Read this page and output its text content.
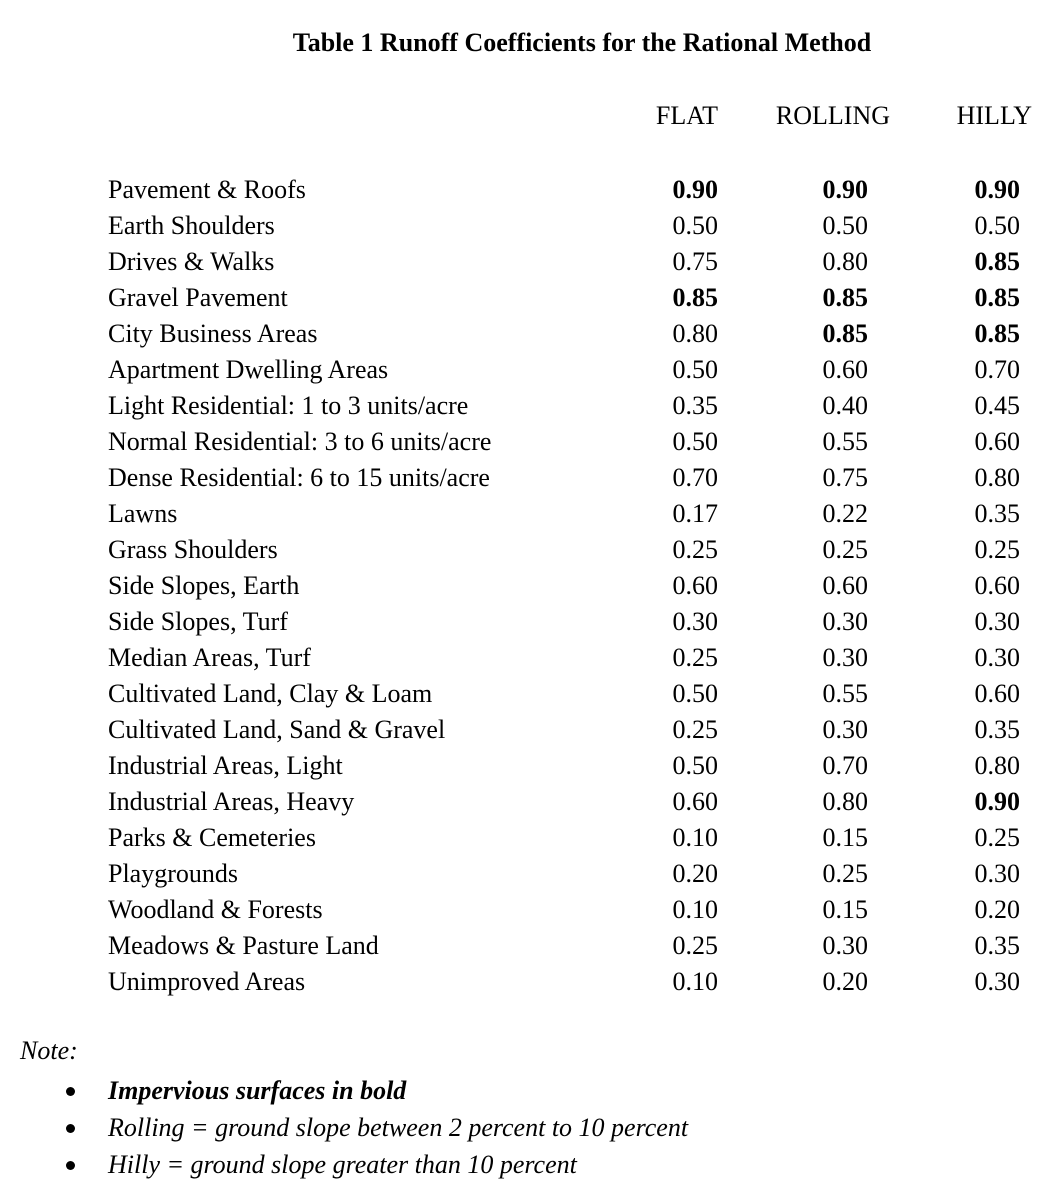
Table 1 Runoff Coefficients for the Rational Method
FLAT	ROLLING	HILLY
Pavement & Roofs	0.90	0.90	0.90
Earth Shoulders	0.50	0.50	0.50
Drives & Walks	0.75	0.80	0.85
Gravel Pavement	0.85	0.85	0.85
City Business Areas	0.80	0.85	0.85
Apartment Dwelling Areas	0.50	0.60	0.70
Light Residential: 1 to 3 units/acre	0.35	0.40	0.45
Normal Residential: 3 to 6 units/acre	0.50	0.55	0.60
Dense Residential: 6 to 15 units/acre	0.70	0.75	0.80
Lawns	0.17	0.22	0.35
Grass Shoulders	0.25	0.25	0.25
Side Slopes, Earth	0.60	0.60	0.60
Side Slopes, Turf	0.30	0.30	0.30
Median Areas, Turf	0.25	0.30	0.30
Cultivated Land, Clay & Loam	0.50	0.55	0.60
Cultivated Land, Sand & Gravel	0.25	0.30	0.35
Industrial Areas, Light	0.50	0.70	0.80
Industrial Areas, Heavy	0.60	0.80	0.90
Parks & Cemeteries	0.10	0.15	0.25
Playgrounds	0.20	0.25	0.30
Woodland & Forests	0.10	0.15	0.20
Meadows & Pasture Land	0.25	0.30	0.35
Unimproved Areas	0.10	0.20	0.30
Note:
Impervious surfaces in bold
Rolling = ground slope between 2 percent to 10 percent
Hilly = ground slope greater than 10 percent
